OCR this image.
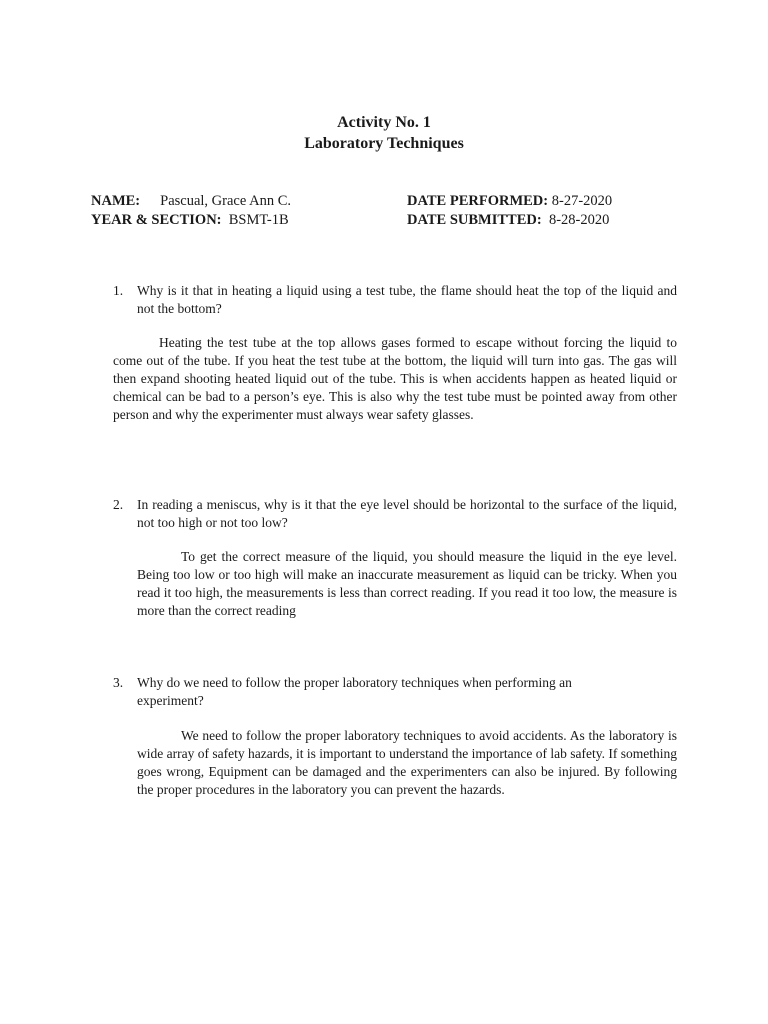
Activity No. 1
Laboratory Techniques
NAME: Pascual, Grace Ann C.	DATE PERFORMED: 8-27-2020
YEAR & SECTION: BSMT-1B	DATE SUBMITTED: 8-28-2020
1. Why is it that in heating a liquid using a test tube, the flame should heat the top of the liquid and not the bottom?
Heating the test tube at the top allows gases formed to escape without forcing the liquid to come out of the tube. If you heat the test tube at the bottom, the liquid will turn into gas. The gas will then expand shooting heated liquid out of the tube. This is when accidents happen as heated liquid or chemical can be bad to a person’s eye. This is also why the test tube must be pointed away from other person and why the experimenter must always wear safety glasses.
2. In reading a meniscus, why is it that the eye level should be horizontal to the surface of the liquid, not too high or not too low?
To get the correct measure of the liquid, you should measure the liquid in the eye level. Being too low or too high will make an inaccurate measurement as liquid can be tricky. When you read it too high, the measurements is less than correct reading. If you read it too low, the measure is more than the correct reading
3. Why do we need to follow the proper laboratory techniques when performing an experiment?
We need to follow the proper laboratory techniques to avoid accidents. As the laboratory is wide array of safety hazards, it is important to understand the importance of lab safety. If something goes wrong, Equipment can be damaged and the experimenters can also be injured. By following the proper procedures in the laboratory you can prevent the hazards.
